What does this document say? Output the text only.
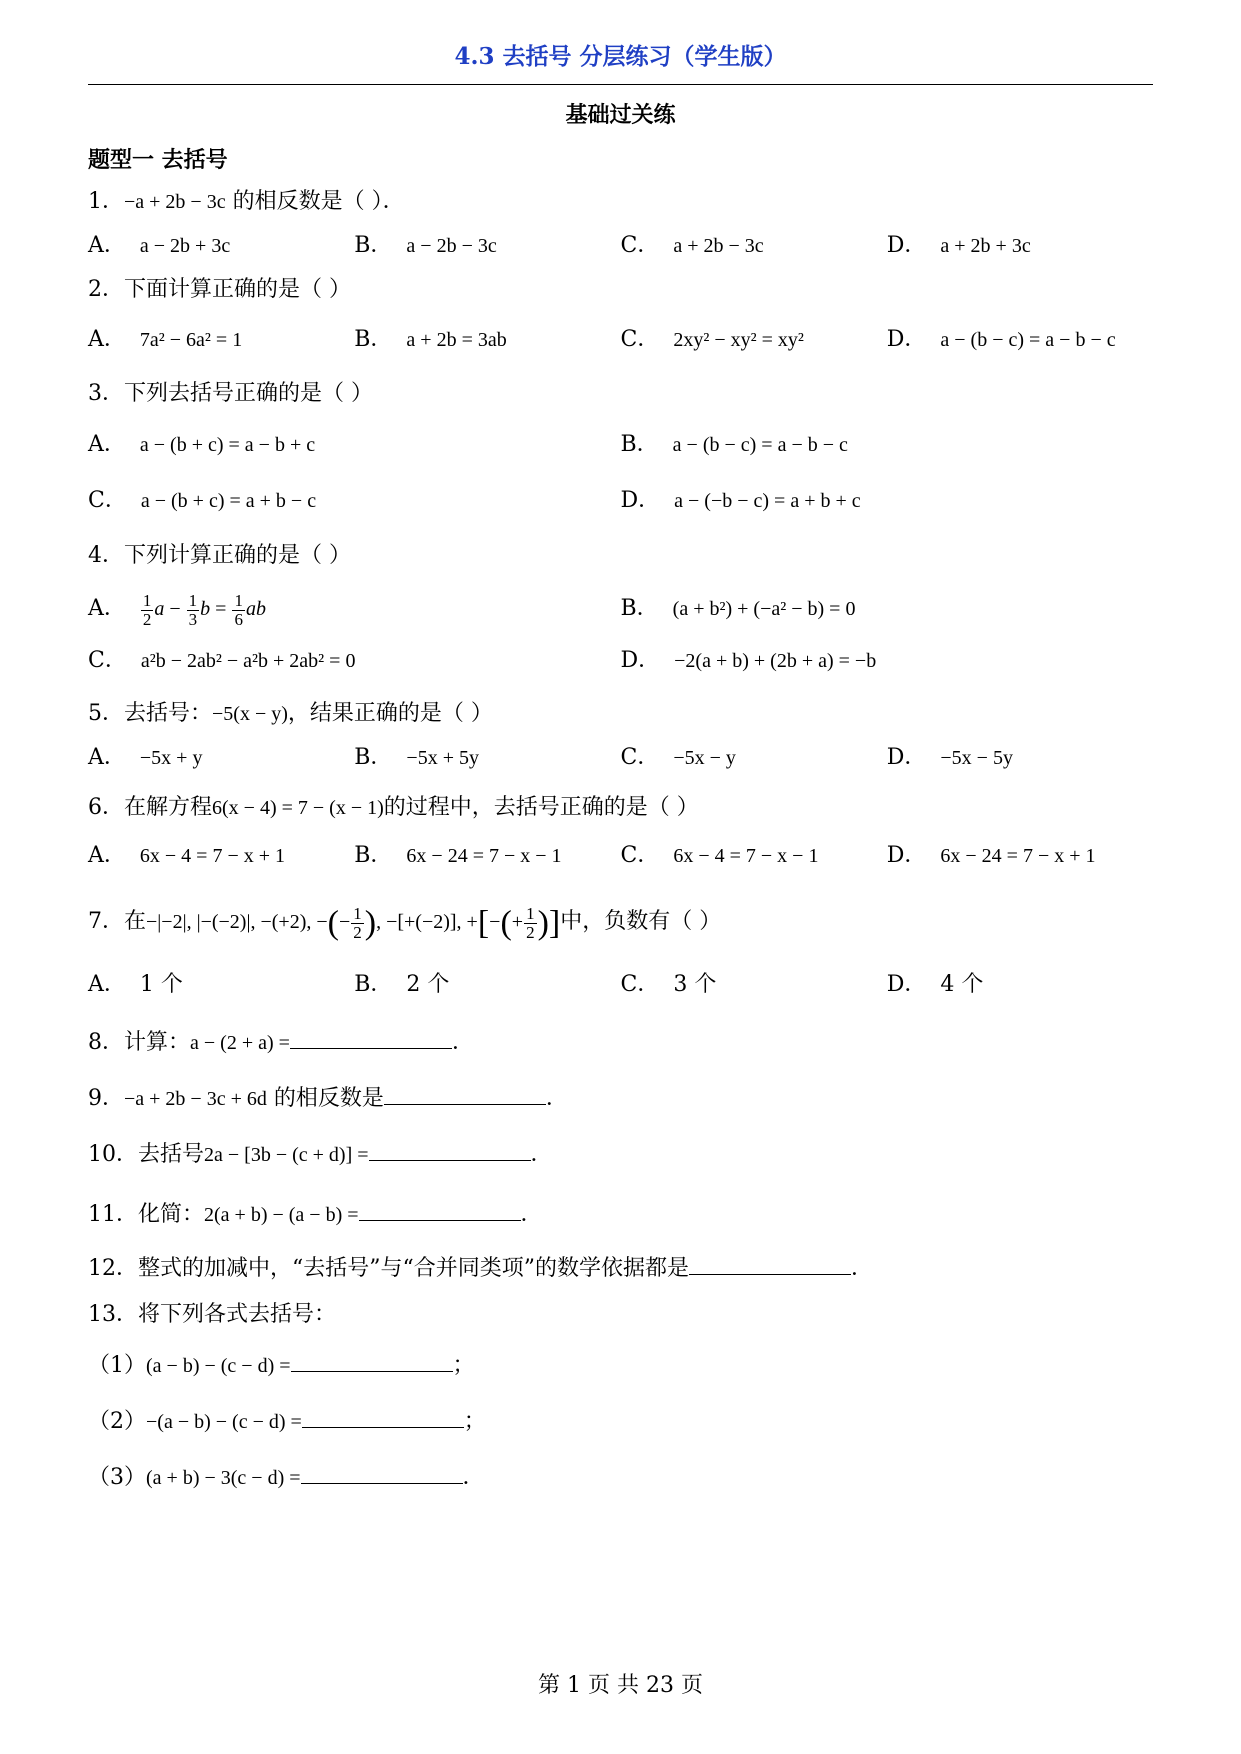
4.3 去括号 分层练习（学生版）
基础过关练
题型一 去括号
1．−a + 2b − 3c 的相反数是（ ）．
A． a − 2b + 3c	B． a − 2b − 3c	C． a + 2b − 3c	D． a + 2b + 3c
2．下面计算正确的是（ ）
A． 7a² − 6a² = 1	B． a + 2b = 3ab	C． 2xy² − xy² = xy²	D． a − (b − c) = a − b − c
3．下列去括号正确的是（ ）
A． a − (b + c) = a − b + c	B． a − (b − c) = a − b − c
C． a − (b + c) = a + b − c	D． a − (−b − c) = a + b + c
4．下列计算正确的是（ ）
A． $\frac{1}{2}$ $a - \frac{1}{3}$ $b = \frac{1}{6}$ ab	B． (a + b²) + (−a² − b) = 0
C． a²b − 2ab² − a²b + 2ab² = 0	D． −2(a + b) + (2b + a) = −b
5．去括号：−5(x − y)，结果正确的是（ ）
A． −5x + y	B． −5x + 5y	C． −5x − y	D． −5x − 5y
6．在解方程6(x − 4) = 7 − (x − 1)的过程中，去括号正确的是（ ）
A． 6x − 4 = 7 − x + 1	B． 6x − 24 = 7 − x − 1	C． 6x − 4 = 7 − x − 1	D． 6x − 24 = 7 − x + 1
7．在−|−2|, |−(−2)|, −(+2), −(− $\frac{1}{2}$ ), −[+(−2)], +[−(+ $\frac{1}{2}$ )]中，负数有（ ）
A． 1 个	B． 2 个	C． 3 个	D． 4 个
8．计算：a − (2 + a) =	．
9．−a + 2b − 3c + 6d 的相反数是	．
10．去括号2a − [3b − (c + d)] =	．
11．化简：2(a + b) − (a − b) =	．
12．整式的加减中，“去括号”与“合并同类项”的数学依据都是	．
13．将下列各式去括号：
（1）(a − b) − (c − d) =	；
（2）−(a − b) − (c − d) =	；
（3）(a + b) − 3(c − d) =	．
第 1 页 共 23 页
